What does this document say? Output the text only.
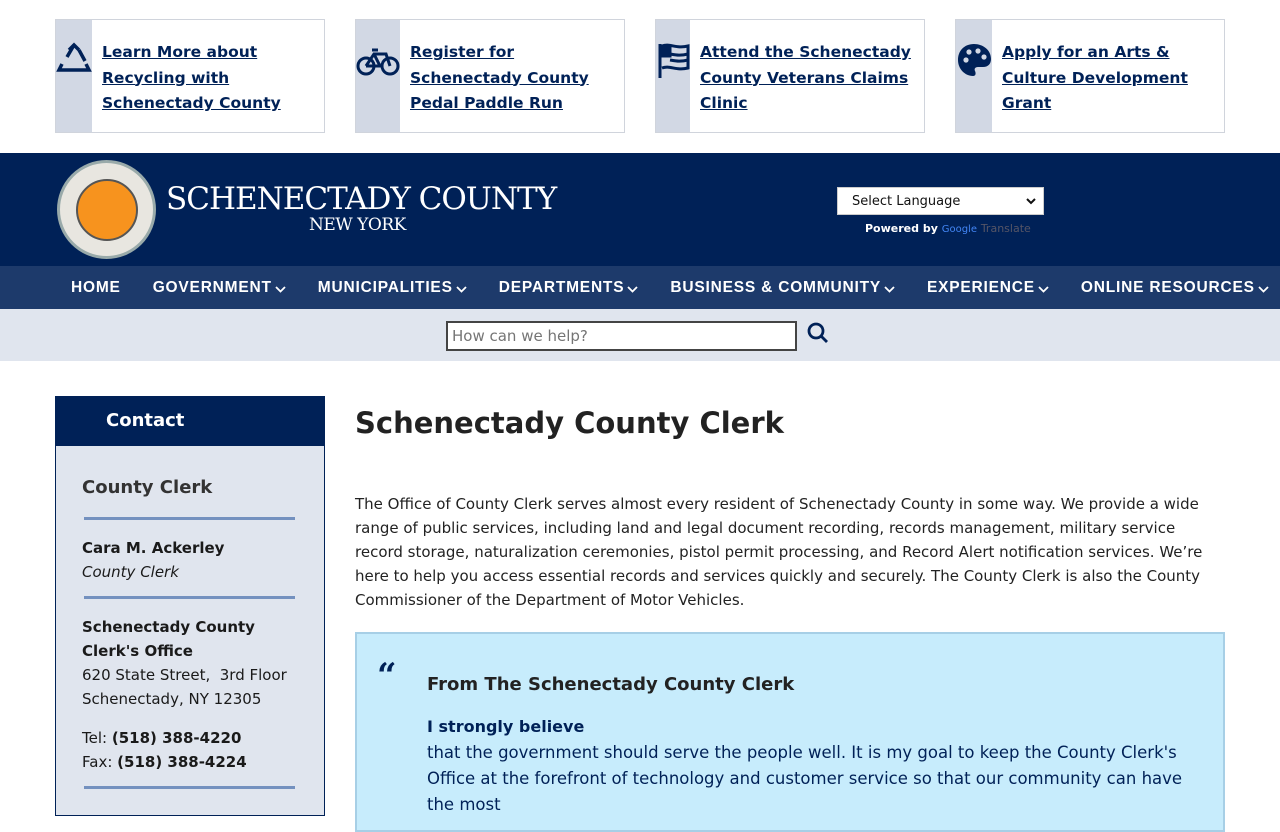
Learn More about Recycling with Schenectady County
Register for Schenectady County Pedal Paddle Run
Attend the Schenectady County Veterans Claims Clinic
Apply for an Arts & Culture Development Grant
SCHENECTADY COUNTY
NEW YORK
Select Language
Powered by Google Translate
HOME GOVERNMENT	MUNICIPALITIES	DEPARTMENTS	BUSINESS & COMMUNITY	EXPERIENCE	ONLINE RESOURCES
How can we help?
Contact
County Clerk
Cara M. Ackerley
County Clerk
Schenectady County Clerk's Office
620 State Street,  3rd Floor
Schenectady, NY 12305
Tel: (518) 388-4220
Fax: (518) 388-4224
Schenectady County Clerk

The Office of County Clerk serves almost every resident of Schenectady County in some way. We provide a wide range of public services, including land and legal document recording, records management, military service record storage, naturalization ceremonies, pistol permit processing, and Record Alert notification services. We’re here to help you access essential records and services quickly and securely. The County Clerk is also the County Commissioner of the Department of Motor Vehicles.

“ From The Schenectady County Clerk
I strongly believe

that the government should serve the people well. It is my goal to keep the County Clerk's Office at the forefront of technology and customer service so that our community can have the most
